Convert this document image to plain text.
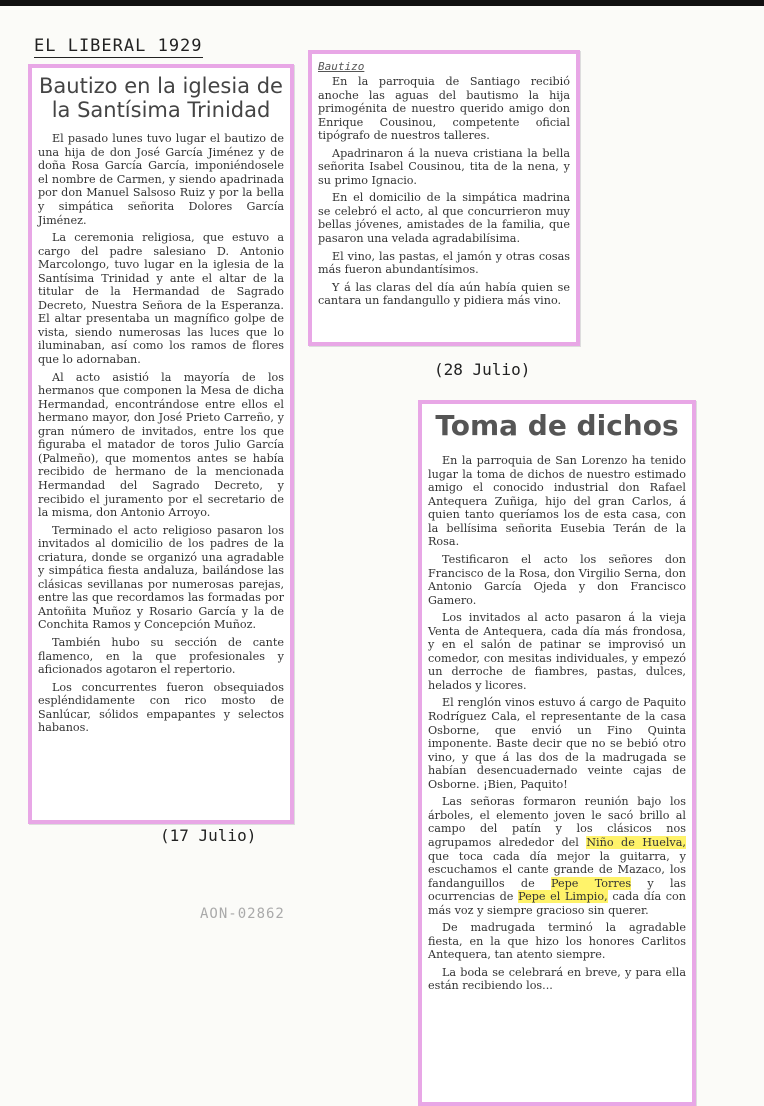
EL LIBERAL 1929
Bautizo en la iglesia de la Santísima Trinidad

El pasado lunes tuvo lugar el bautizo de una hija de don José García Jiménez y de doña Rosa García García, imponiéndosele el nombre de Carmen, y siendo apadrinada por don Manuel Salsoso Ruiz y por la bella y simpática señorita Dolores García Jiménez.

La ceremonia religiosa, que estuvo a cargo del padre salesiano D. Antonio Marcolongo, tuvo lugar en la iglesia de la Santísima Trinidad y ante el altar de la titular de la Hermandad de Sagrado Decreto, Nuestra Señora de la Esperanza. El altar presentaba un magnífico golpe de vista, siendo numerosas las luces que lo iluminaban, así como los ramos de flores que lo adornaban.

Al acto asistió la mayoría de los hermanos que componen la Mesa de dicha Hermandad, encontrándose entre ellos el hermano mayor, don José Prieto Carreño, y gran número de invitados, entre los que figuraba el matador de toros Julio García (Palmeño), que momentos antes se había recibido de hermano de la mencionada Hermandad del Sagrado Decreto, y recibido el juramento por el secretario de la misma, don Antonio Arroyo.

Terminado el acto religioso pasaron los invitados al domicilio de los padres de la criatura, donde se organizó una agradable y simpática fiesta andaluza, bailándose las clásicas sevillanas por numerosas parejas, entre las que recordamos las formadas por Antoñita Muñoz y Rosario García y la de Conchita Ramos y Concepción Muñoz.

También hubo su sección de cante flamenco, en la que profesionales y aficionados agotaron el repertorio.

Los concurrentes fueron obsequiados espléndidamente con rico mosto de Sanlúcar, sólidos empapantes y selectos habanos.

(17 Julio)
Bautizo

En la parroquia de Santiago recibió anoche las aguas del bautismo la hija primogénita de nuestro querido amigo don Enrique Cousinou, competente oficial tipógrafo de nuestros talleres.

Apadrinaron á la nueva cristiana la bella señorita Isabel Cousinou, tita de la nena, y su primo Ignacio.

En el domicilio de la simpática madrina se celebró el acto, al que concurrieron muy bellas jóvenes, amistades de la familia, que pasaron una velada agradabilísima.

El vino, las pastas, el jamón y otras cosas más fueron abundantísimos.

Y á las claras del día aún había quien se cantara un fandangullo y pidiera más vino.

(28 Julio)
Toma de dichos

En la parroquia de San Lorenzo ha tenido lugar la toma de dichos de nuestro estimado amigo el conocido industrial don Rafael Antequera Zuñiga, hijo del gran Carlos, á quien tanto queríamos los de esta casa, con la bellísima señorita Eusebia Terán de la Rosa.

Testificaron el acto los señores don Francisco de la Rosa, don Virgilio Serna, don Antonio García Ojeda y don Francisco Gamero.

Los invitados al acto pasaron á la vieja Venta de Antequera, cada día más frondosa, y en el salón de patinar se improvisó un comedor, con mesitas individuales, y empezó un derroche de fiambres, pastas, dulces, helados y licores.

El renglón vinos estuvo á cargo de Paquito Rodríguez Cala, el representante de la casa Osborne, que envió un Fino Quinta imponente. Baste decir que no se bebió otro vino, y que á las dos de la madrugada se habían desencuadernado veinte cajas de Osborne. ¡Bien, Paquito!

Las señoras formaron reunión bajo los árboles, el elemento joven le sacó brillo al campo del patín y los clásicos nos agrupamos alrededor del Niño de Huelva, que toca cada día mejor la guitarra, y escuchamos el cante grande de Mazaco, los fandanguillos de Pepe Torres y las ocurrencias de Pepe el Limpio, cada día con más voz y siempre gracioso sin querer.

De madrugada terminó la agradable fiesta, en la que hizo los honores Carlitos Antequera, tan atento siempre.

La boda se celebrará en breve, y para ella están recibiendo los...

AON-02862
